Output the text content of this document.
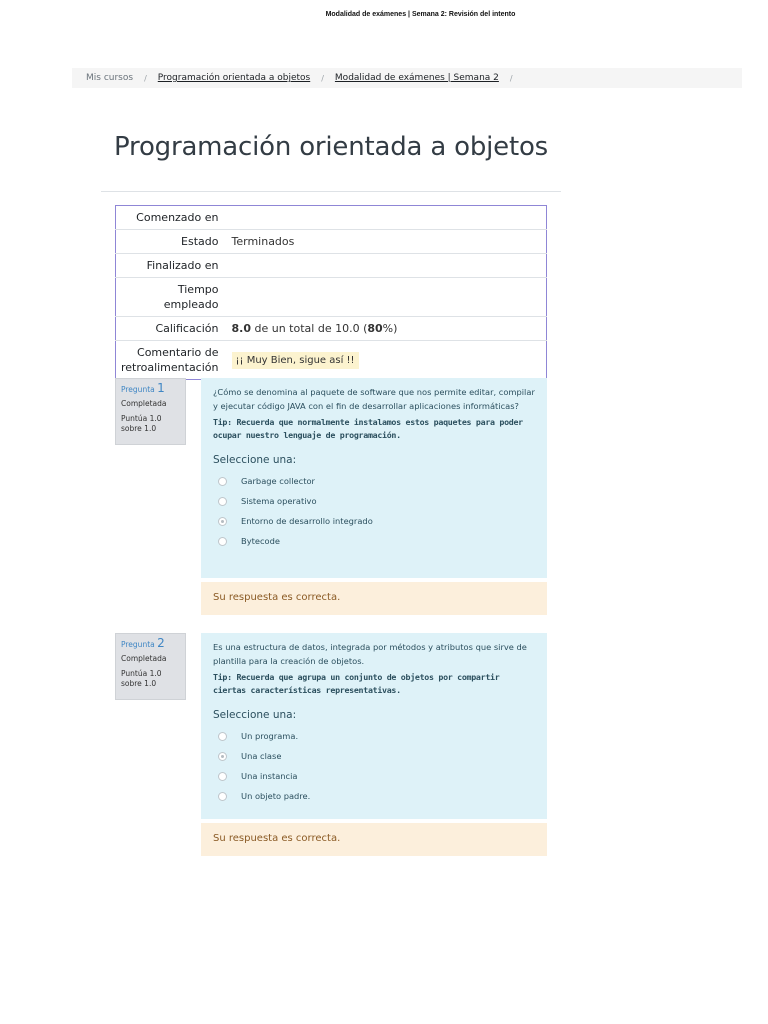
Modalidad de exámenes | Semana 2: Revisión del intento
Mis cursos / Programación orientada a objetos / Modalidad de exámenes | Semana 2 /
Programación orientada a objetos
Comenzado en	
Estado	Terminados
Finalizado en	
Tiempo empleado	
Calificación	8.0 de un total de 10.0 (80%)
Comentario de retroalimentación	¡¡ Muy Bien, sigue así !!
Pregunta 1
Completada
Puntúa 1.0 sobre 1.0
¿Cómo se denomina al paquete de software que nos permite editar, compilar y ejecutar código JAVA con el fin de desarrollar aplicaciones informáticas?
Tip: Recuerda que normalmente instalamos estos paquetes para poder ocupar nuestro lenguaje de programación.
Seleccione una:
Garbage collector
Sistema operativo
Entorno de desarrollo integrado
Bytecode
Su respuesta es correcta.
Pregunta 2
Completada
Puntúa 1.0 sobre 1.0
Es una estructura de datos, integrada por métodos y atributos que sirve de plantilla para la creación de objetos.
Tip: Recuerda que agrupa un conjunto de objetos por compartir ciertas características representativas.
Seleccione una:
Un programa.
Una clase
Una instancia
Un objeto padre.
Su respuesta es correcta.
